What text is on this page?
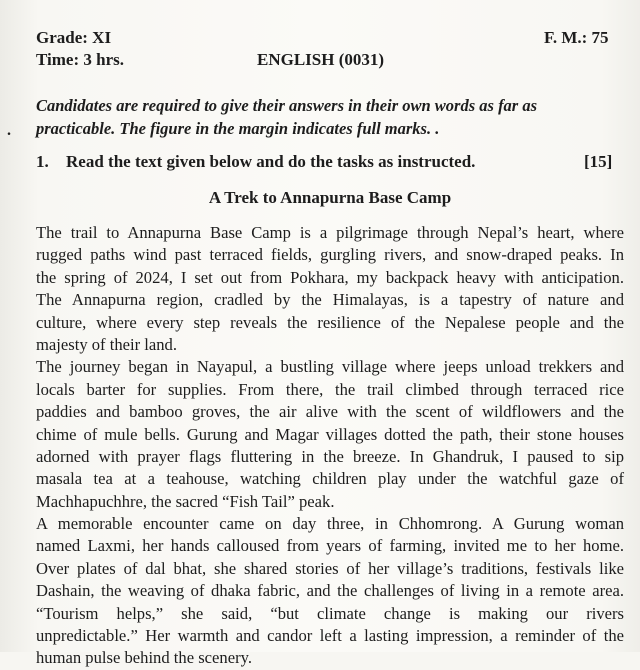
Grade: XI
Time: 3 hrs.	ENGLISH (0031)
F. M.: 75
Candidates are required to give their answers in their own words as far as
. practicable. The figure in the margin indicates full marks. .
1. Read the text given below and do the tasks as instructed.	[15]
A Trek to Annapurna Base Camp
The trail to Annapurna Base Camp is a pilgrimage through Nepal’s heart, where
rugged paths wind past terraced fields, gurgling rivers, and snow-draped peaks. In
the spring of 2024, I set out from Pokhara, my backpack heavy with anticipation.
The Annapurna region, cradled by the Himalayas, is a tapestry of nature and
culture, where every step reveals the resilience of the Nepalese people and the
majesty of their land.
The journey began in Nayapul, a bustling village where jeeps unload trekkers and
locals barter for supplies. From there, the trail climbed through terraced rice
paddies and bamboo groves, the air alive with the scent of wildflowers and the
chime of mule bells. Gurung and Magar villages dotted the path, their stone houses
adorned with prayer flags fluttering in the breeze. In Ghandruk, I paused to sip
masala tea at a teahouse, watching children play under the watchful gaze of
Machhapuchhre, the sacred “Fish Tail” peak.
A memorable encounter came on day three, in Chhomrong. A Gurung woman
named Laxmi, her hands calloused from years of farming, invited me to her home.
Over plates of dal bhat, she shared stories of her village’s traditions, festivals like
Dashain, the weaving of dhaka fabric, and the challenges of living in a remote area.
“Tourism helps,” she said, “but climate change is making our rivers
unpredictable.” Her warmth and candor left a lasting impression, a reminder of the
human pulse behind the scenery.
